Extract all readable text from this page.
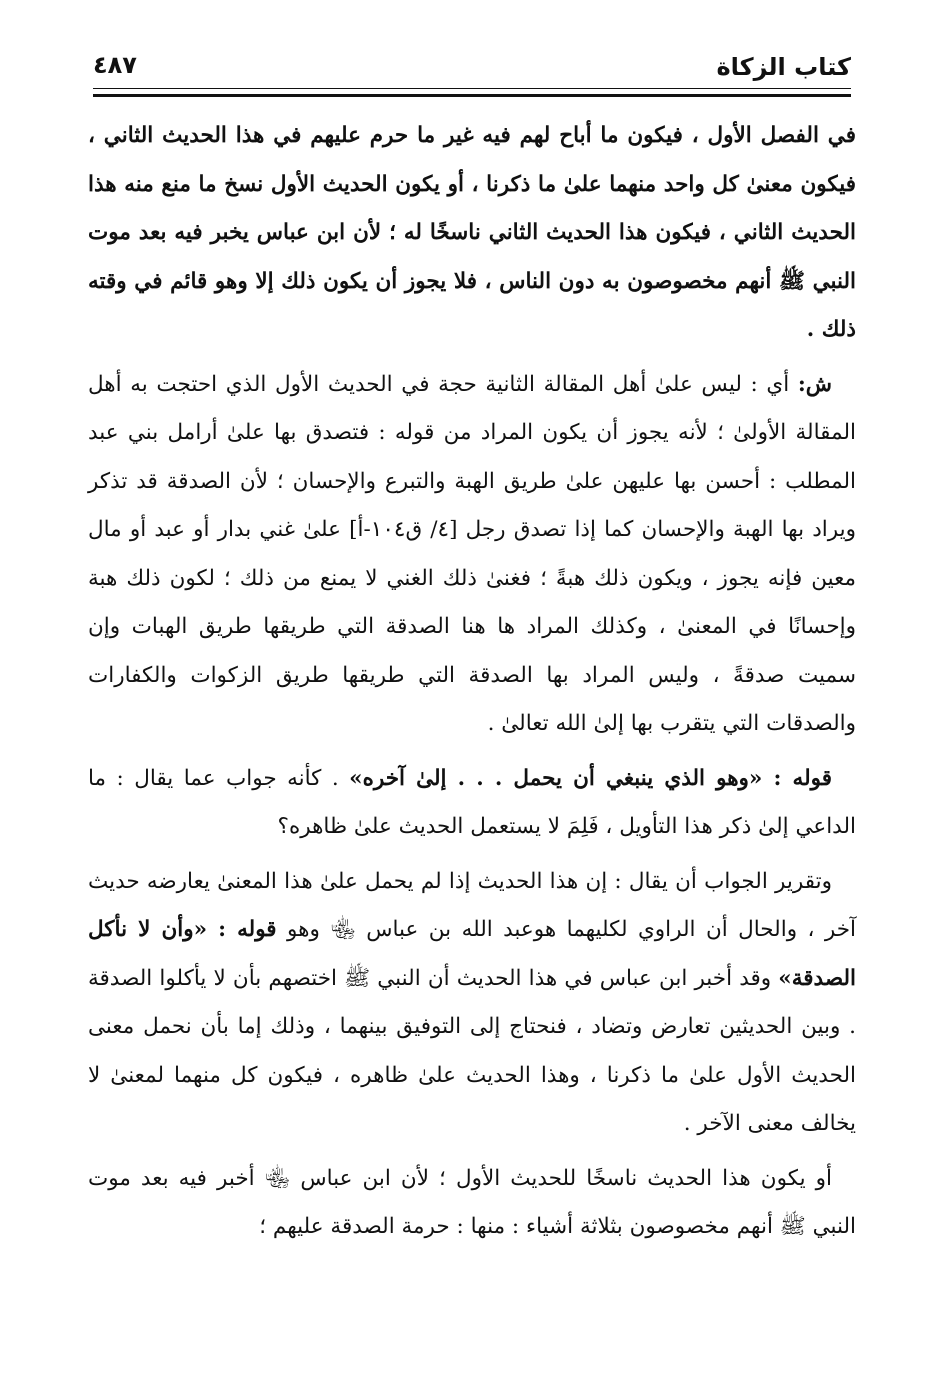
كتاب الزكاة
٤٨٧

في الفصل الأول ، فيكون ما أباح لهم فيه غير ما حرم عليهم في هذا الحديث الثاني ، فيكون معنىٰ كل واحد منهما علىٰ ما ذكرنا ، أو يكون الحديث الأول نسخ ما منع منه هذا الحديث الثاني ، فيكون هذا الحديث الثاني ناسخًا له ؛ لأن ابن عباس يخبر فيه بعد موت النبي ﷺ أنهم مخصوصون به دون الناس ، فلا يجوز أن يكون ذلك إلا وهو قائم في وقته ذلك .

ش: أي : ليس علىٰ أهل المقالة الثانية حجة في الحديث الأول الذي احتجت به أهل المقالة الأولىٰ ؛ لأنه يجوز أن يكون المراد من قوله : فتصدق بها علىٰ أرامل بني عبد المطلب : أحسن بها عليهن علىٰ طريق الهبة والتبرع والإحسان ؛ لأن الصدقة قد تذكر ويراد بها الهبة والإحسان كما إذا تصدق رجل [٤/ ق١٠٤-أ] علىٰ غني بدار أو عبد أو مال معين فإنه يجوز ، ويكون ذلك هبةً ؛ فغنىٰ ذلك الغني لا يمنع من ذلك ؛ لكون ذلك هبة وإحسانًا في المعنىٰ ، وكذلك المراد ها هنا الصدقة التي طريقها طريق الهبات وإن سميت صدقةً ، وليس المراد بها الصدقة التي طريقها طريق الزكوات والكفارات والصدقات التي يتقرب بها إلىٰ الله تعالىٰ .

قوله : «وهو الذي ينبغي أن يحمل . . . إلىٰ آخره» . كأنه جواب عما يقال : ما الداعي إلىٰ ذكر هذا التأويل ، فَلِمَ لا يستعمل الحديث علىٰ ظاهره؟

وتقرير الجواب أن يقال : إن هذا الحديث إذا لم يحمل علىٰ هذا المعنىٰ يعارضه حديث آخر ، والحال أن الراوي لكليهما هوعبد الله بن عباس ﵄ وهو قوله : «وأن لا نأكل الصدقة» وقد أخبر ابن عباس في هذا الحديث أن النبي ﷺ اختصهم بأن لا يأكلوا الصدقة . وبين الحديثين تعارض وتضاد ، فنحتاج إلى التوفيق بينهما ، وذلك إما بأن نحمل معنى الحديث الأول علىٰ ما ذكرنا ، وهذا الحديث علىٰ ظاهره ، فيكون كل منهما لمعنىٰ لا يخالف معنى الآخر .

أو يكون هذا الحديث ناسخًا للحديث الأول ؛ لأن ابن عباس ﵄ أخبر فيه بعد موت النبي ﷺ أنهم مخصوصون بثلاثة أشياء : منها : حرمة الصدقة عليهم ؛
